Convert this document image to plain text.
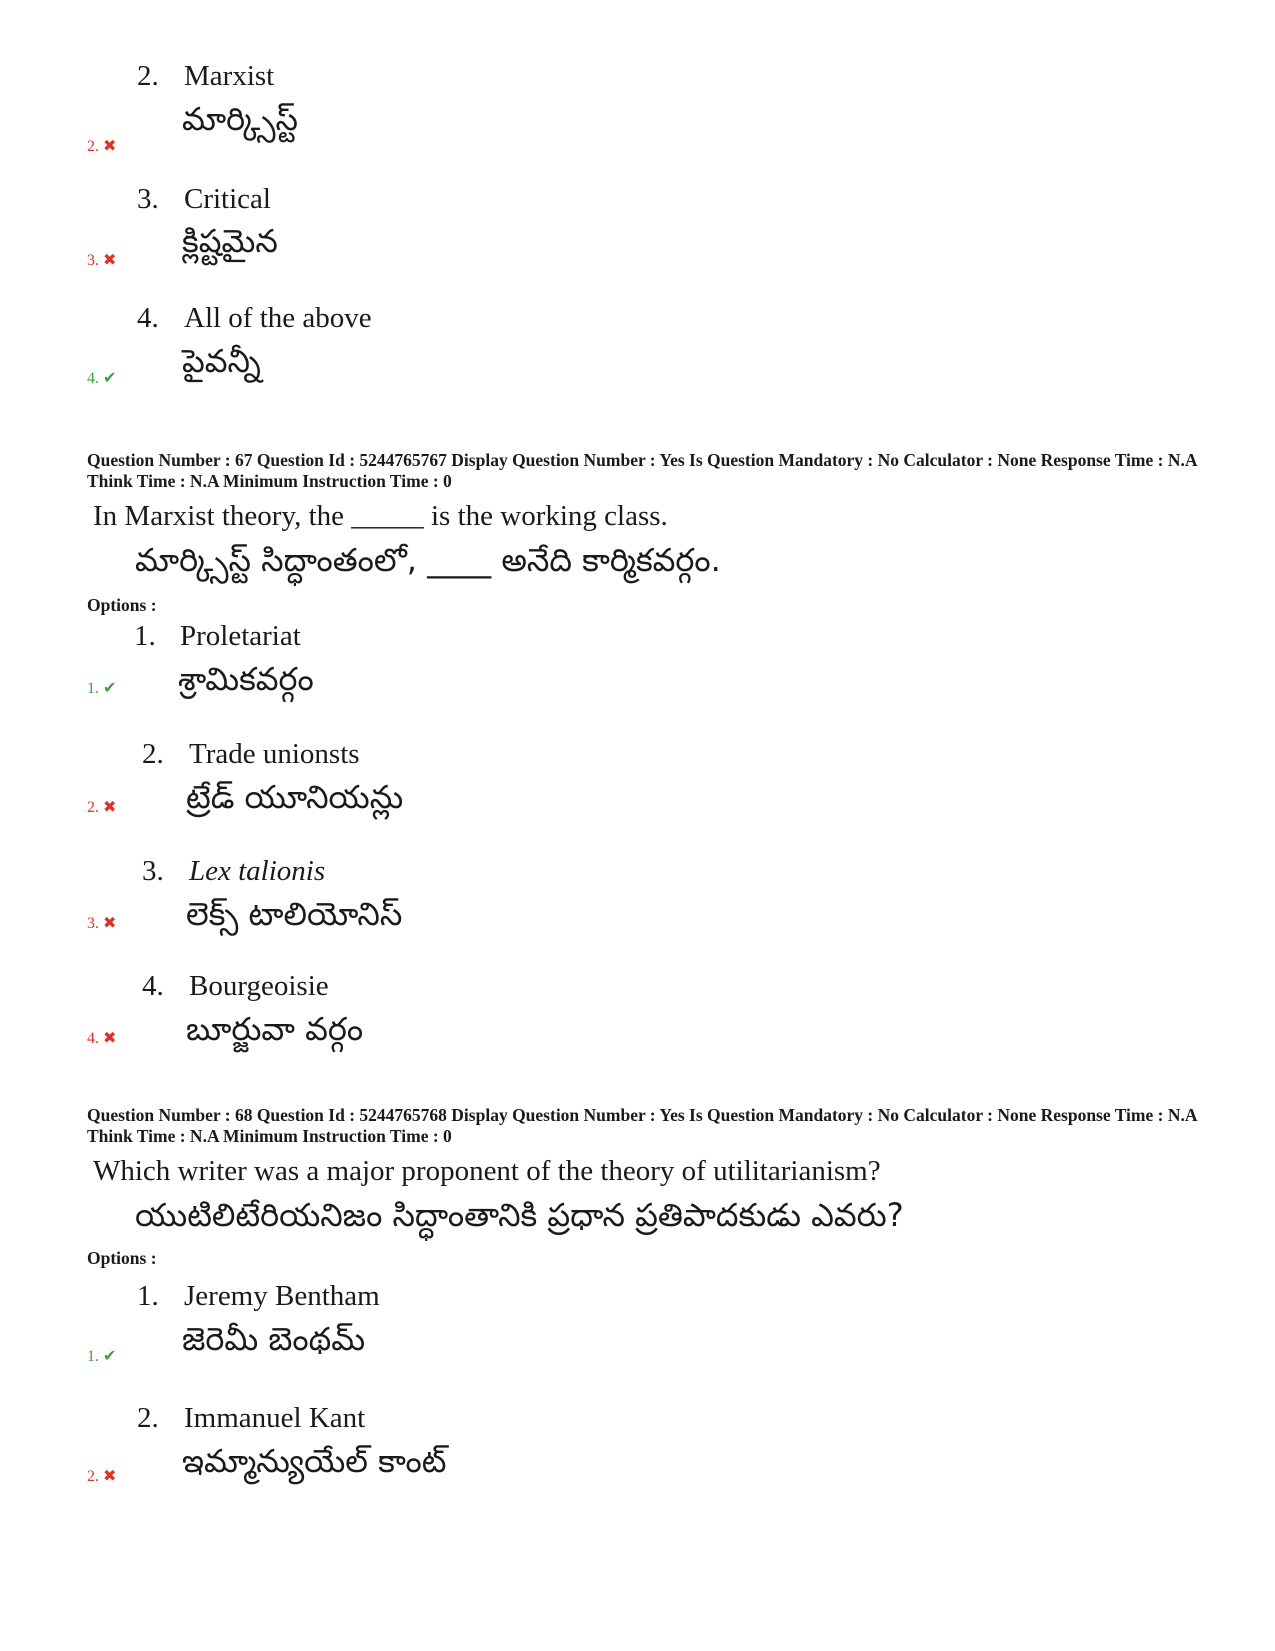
2. Marxist
మార్క్సిస్ట్
2. ✖
3. Critical
క్లిష్టమైన
3. ✖
4. All of the above
పైవన్నీ
4. ✔
Question Number : 67 Question Id : 5244765767 Display Question Number : Yes Is Question Mandatory : No Calculator : None Response Time : N.A Think Time : N.A Minimum Instruction Time : 0
In Marxist theory, the _____ is the working class.
మార్క్సిస్ట్ సిద్ధాంతంలో, ____ అనేది కార్మికవర్గం.
Options :
1. Proletariat
శ్రామికవర్గం
1. ✔
2. Trade unionsts
ట్రేడ్ యూనియన్లు
2. ✖
3. Lex talionis
లెక్స్ టాలియోనిస్
3. ✖
4. Bourgeoisie
బూర్జువా వర్గం
4. ✖
Question Number : 68 Question Id : 5244765768 Display Question Number : Yes Is Question Mandatory : No Calculator : None Response Time : N.A Think Time : N.A Minimum Instruction Time : 0
Which writer was a major proponent of the theory of utilitarianism?
యుటిలిటేరియనిజం సిద్ధాంతానికి ప్రధాన ప్రతిపాదకుడు ఎవరు?
Options :
1. Jeremy Bentham
జెరెమీ బెంథమ్
1. ✔
2. Immanuel Kant
ఇమ్మాన్యుయేల్ కాంట్
2. ✖
